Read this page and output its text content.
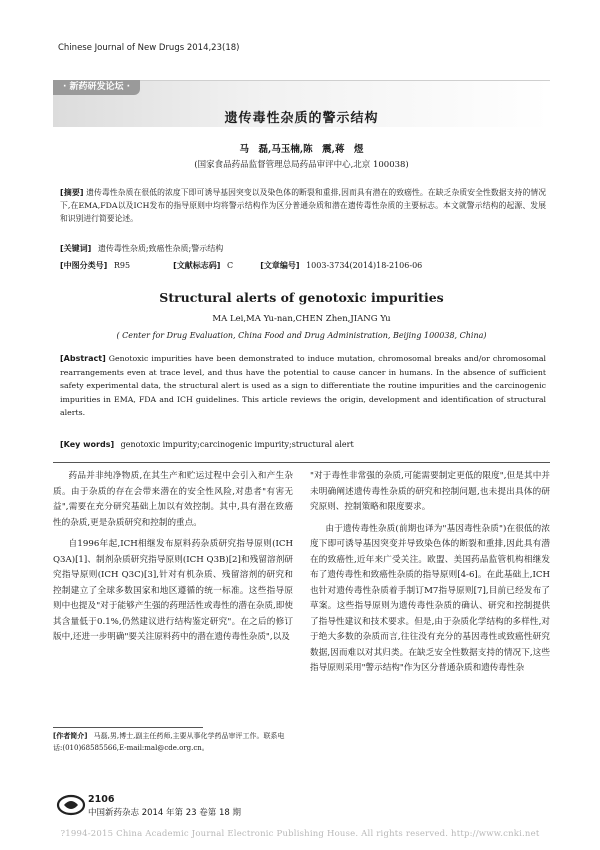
Chinese Journal of New Drugs 2014,23(18)
· 新药研发论坛 ·
遗传毒性杂质的警示结构
马　磊,马玉楠,陈　震,蒋　煜
(国家食品药品监督管理总局药品审评中心,北京 100038)
[摘要] 遗传毒性杂质在很低的浓度下即可诱导基因突变以及染色体的断裂和重排,因而具有潜在的致癌性。在缺乏杂质安全性数据支持的情况下,在EMA,FDA以及ICH发布的指导原则中均将警示结构作为区分普通杂质和潜在遗传毒性杂质的主要标志。本文就警示结构的起源、发展和识别进行简要论述。
[关键词] 遗传毒性杂质;致癌性杂质;警示结构
[中图分类号] R95	[文献标志码] C	[文章编号] 1003-3734(2014)18-2106-06
Structural alerts of genotoxic impurities
MA Lei,MA Yu-nan,CHEN Zhen,JIANG Yu
( Center for Drug Evaluation, China Food and Drug Administration, Beijing 100038, China)
[Abstract] Genotoxic impurities have been demonstrated to induce mutation, chromosomal breaks and/or chromosomal rearrangements even at trace level, and thus have the potential to cause cancer in humans. In the absence of sufficient safety experimental data, the structural alert is used as a sign to differentiate the routine impurities and the carcinogenic impurities in EMA, FDA and ICH guidelines. This article reviews the origin, development and identification of structural alerts.
[Key words] genotoxic impurity;carcinogenic impurity;structural alert

药品并非纯净物质,在其生产和贮运过程中会引入和产生杂质。由于杂质的存在会带来潜在的安全性风险,对患者"有害无益",需要在充分研究基础上加以有效控制。其中,具有潜在致癌性的杂质,更是杂质研究和控制的重点。

自1996年起,ICH相继发布原料药杂质研究指导原则(ICH Q3A)[1]、制剂杂质研究指导原则(ICH Q3B)[2]和残留溶剂研究指导原则(ICH Q3C)[3],针对有机杂质、残留溶剂的研究和控制建立了全球多数国家和地区遵循的统一标准。这些指导原则中也提及"对于能够产生强的药理活性或毒性的潜在杂质,即使其含量低于0.1%,仍然建议进行结构鉴定研究"。在之后的修订版中,还进一步明确"要关注原料药中的潜在遗传毒性杂质",以及

"对于毒性非常强的杂质,可能需要制定更低的限度",但是其中并未明确阐述遗传毒性杂质的研究和控制问题,也未提出具体的研究原则、控制策略和限度要求。

由于遗传毒性杂质(前期也译为"基因毒性杂质")在很低的浓度下即可诱导基因突变并导致染色体的断裂和重排,因此具有潜在的致癌性,近年来广受关注。欧盟、美国药品监管机构相继发布了遗传毒性和致癌性杂质的指导原则[4-6]。在此基础上,ICH也针对遗传毒性杂质着手制订M7指导原则[7],目前已经发布了草案。这些指导原则为遗传毒性杂质的确认、研究和控制提供了指导性建议和技术要求。但是,由于杂质化学结构的多样性,对于绝大多数的杂质而言,往往没有充分的基因毒性或致癌性研究数据,因而难以对其归类。在缺乏安全性数据支持的情况下,这些指导原则采用"警示结构"作为区分普通杂质和遗传毒性杂

[作者简介] 马磊,男,博士,副主任药师,主要从事化学药品审评工作。联系电话:(010)68585566,E-mail:mal@cde.org.cn。
2106
中国新药杂志 2014 年第 23 卷第 18 期
?1994-2015 China Academic Journal Electronic Publishing House. All rights reserved. http://www.cnki.net
